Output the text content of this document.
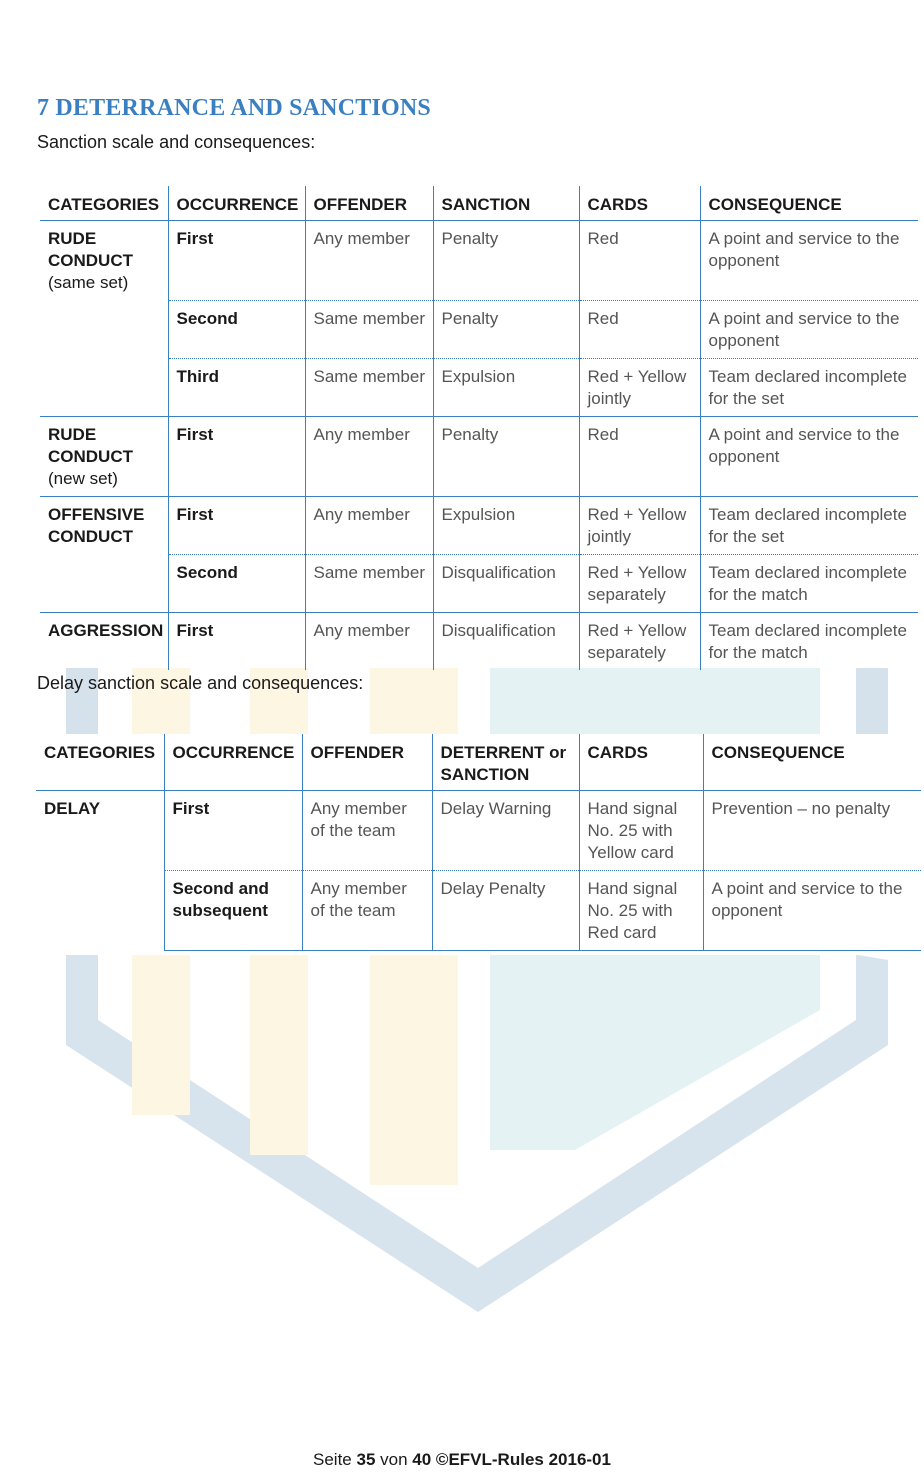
7 DETERRANCE AND SANCTIONS
Sanction scale and consequences:
CATEGORIES	OCCURRENCE	OFFENDER	SANCTION	CARDS	CONSEQUENCE
RUDE CONDUCT
(same set)	First	Any member	Penalty	Red	A point and service to the opponent
	Second	Same member	Penalty	Red	A point and service to the opponent
	Third	Same member	Expulsion	Red + Yellow jointly	Team declared incomplete for the set
RUDE CONDUCT
(new set)	First	Any member	Penalty	Red	A point and service to the opponent
OFFENSIVE CONDUCT	First	Any member	Expulsion	Red + Yellow jointly	Team declared incomplete for the set
	Second	Same member	Disqualification	Red + Yellow separately	Team declared incomplete for the match
AGGRESSION	First	Any member	Disqualification	Red + Yellow separately	Team declared incomplete for the match
Delay sanction scale and consequences:
CATEGORIES	OCCURRENCE	OFFENDER	DETERRENT or SANCTION	CARDS	CONSEQUENCE
DELAY	First	Any member of the team	Delay Warning	Hand signal No. 25 with Yellow card	Prevention – no penalty
	Second and subsequent	Any member of the team	Delay Penalty	Hand signal No. 25 with Red card	A point and service to the opponent
Seite 35 von 40 ©EFVL-Rules 2016-01
